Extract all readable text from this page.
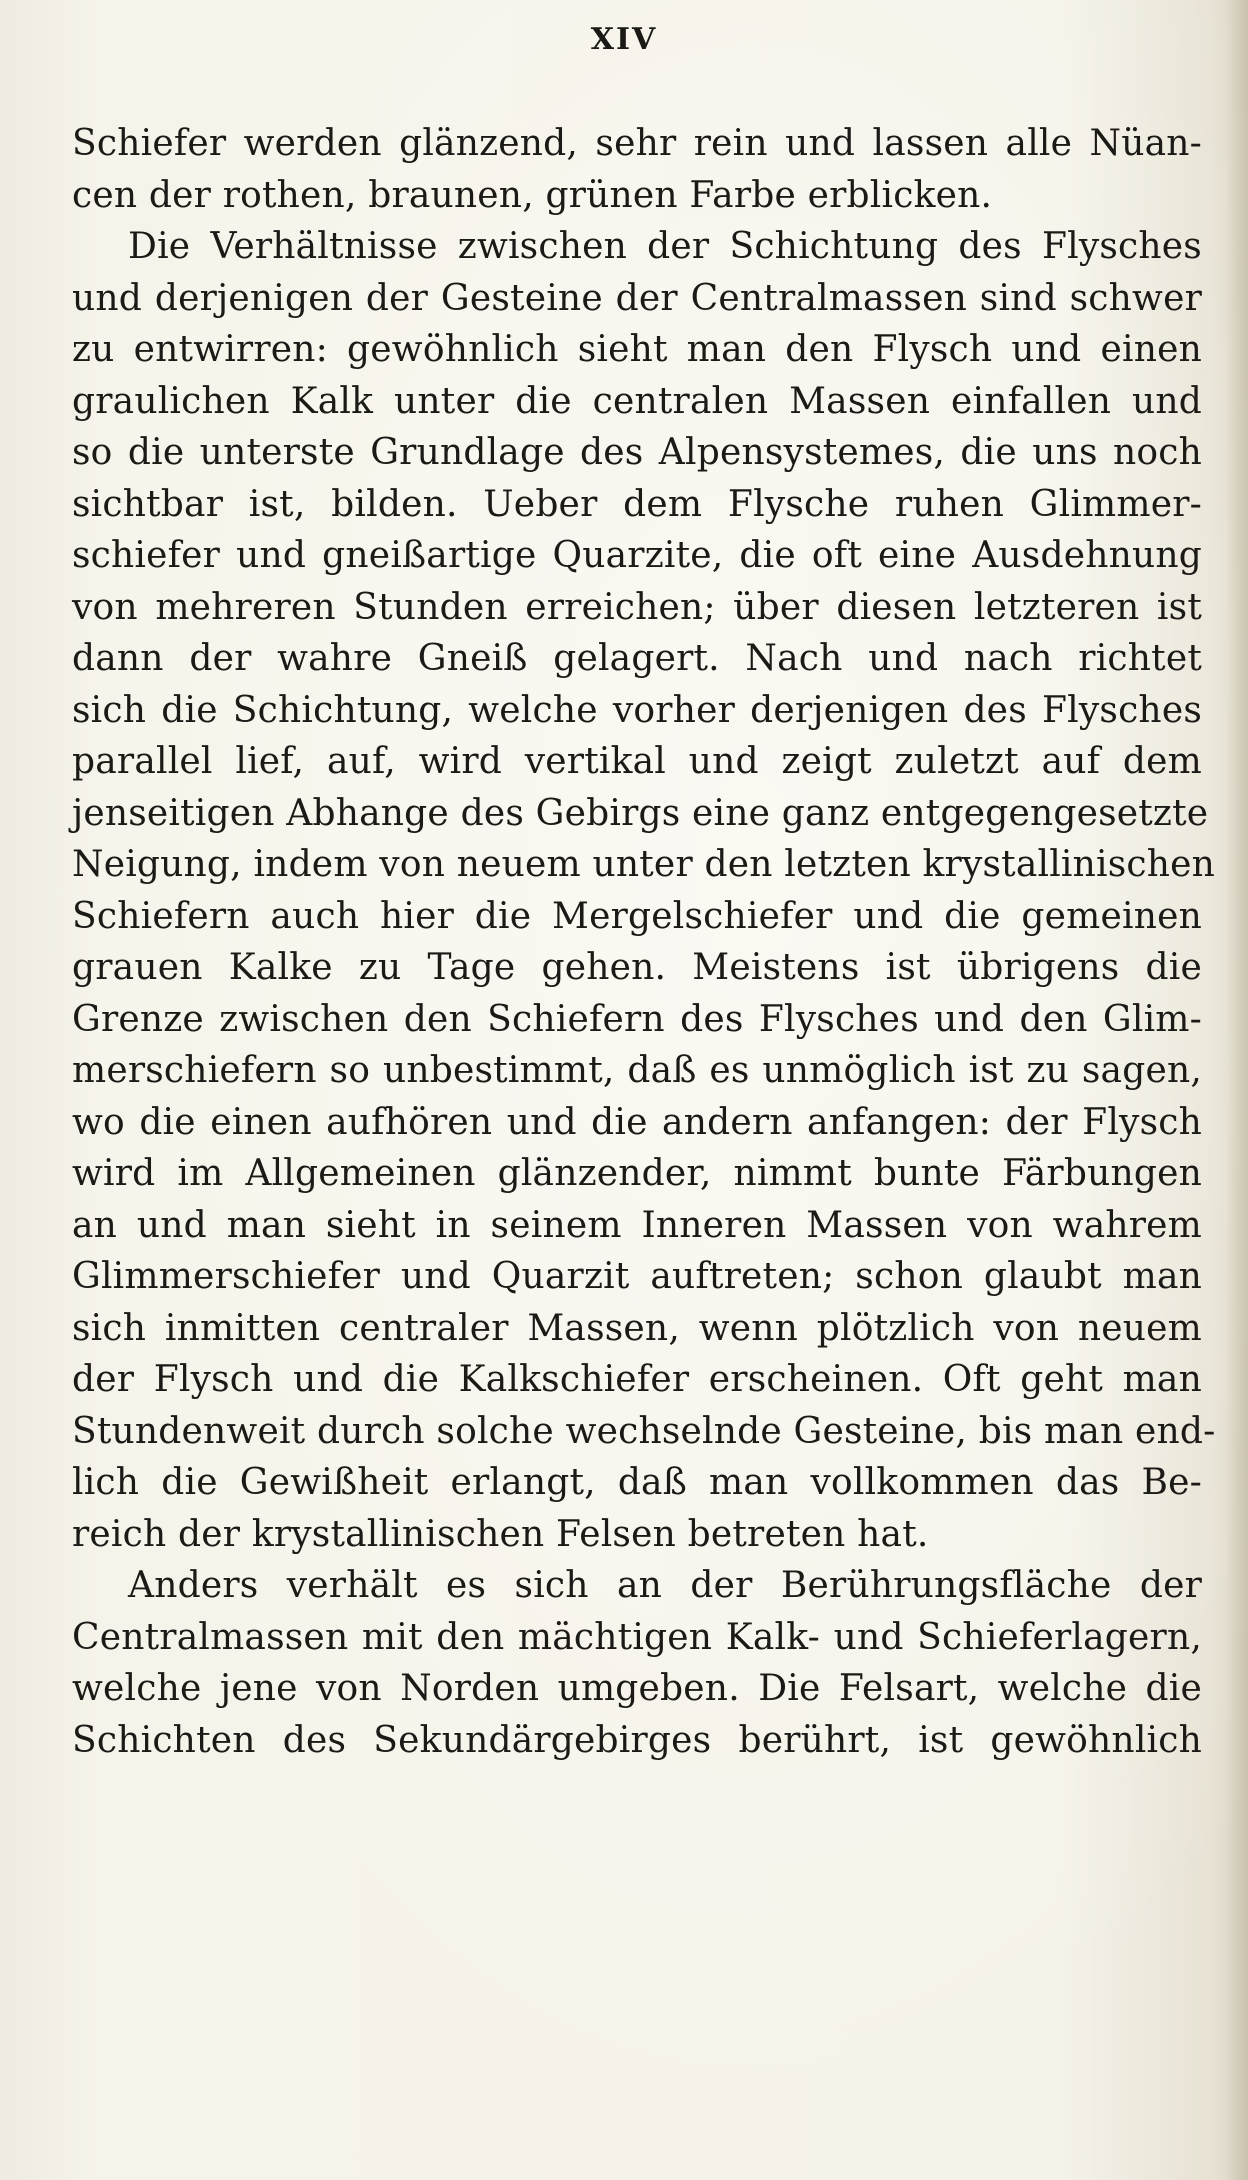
XIV
Schiefer werden glänzend, sehr rein und lassen alle Nüan-
cen der rothen, braunen, grünen Farbe erblicken.
Die Verhältnisse zwischen der Schichtung des Flysches
und derjenigen der Gesteine der Centralmassen sind schwer
zu entwirren: gewöhnlich sieht man den Flysch und einen
graulichen Kalk unter die centralen Massen einfallen und
so die unterste Grundlage des Alpensystemes, die uns noch
sichtbar ist, bilden. Ueber dem Flysche ruhen Glimmer-
schiefer und gneißartige Quarzite, die oft eine Ausdehnung
von mehreren Stunden erreichen; über diesen letzteren ist
dann der wahre Gneiß gelagert. Nach und nach richtet
sich die Schichtung, welche vorher derjenigen des Flysches
parallel lief, auf, wird vertikal und zeigt zuletzt auf dem
jenseitigen Abhange des Gebirgs eine ganz entgegengesetzte
Neigung, indem von neuem unter den letzten krystallinischen
Schiefern auch hier die Mergelschiefer und die gemeinen
grauen Kalke zu Tage gehen. Meistens ist übrigens die
Grenze zwischen den Schiefern des Flysches und den Glim-
merschiefern so unbestimmt, daß es unmöglich ist zu sagen,
wo die einen aufhören und die andern anfangen: der Flysch
wird im Allgemeinen glänzender, nimmt bunte Färbungen
an und man sieht in seinem Inneren Massen von wahrem
Glimmerschiefer und Quarzit auftreten; schon glaubt man
sich inmitten centraler Massen, wenn plötzlich von neuem
der Flysch und die Kalkschiefer erscheinen. Oft geht man
Stundenweit durch solche wechselnde Gesteine, bis man end-
lich die Gewißheit erlangt, daß man vollkommen das Be-
reich der krystallinischen Felsen betreten hat.
Anders verhält es sich an der Berührungsfläche der
Centralmassen mit den mächtigen Kalk- und Schieferlagern,
welche jene von Norden umgeben. Die Felsart, welche die
Schichten des Sekundärgebirges berührt, ist gewöhnlich
